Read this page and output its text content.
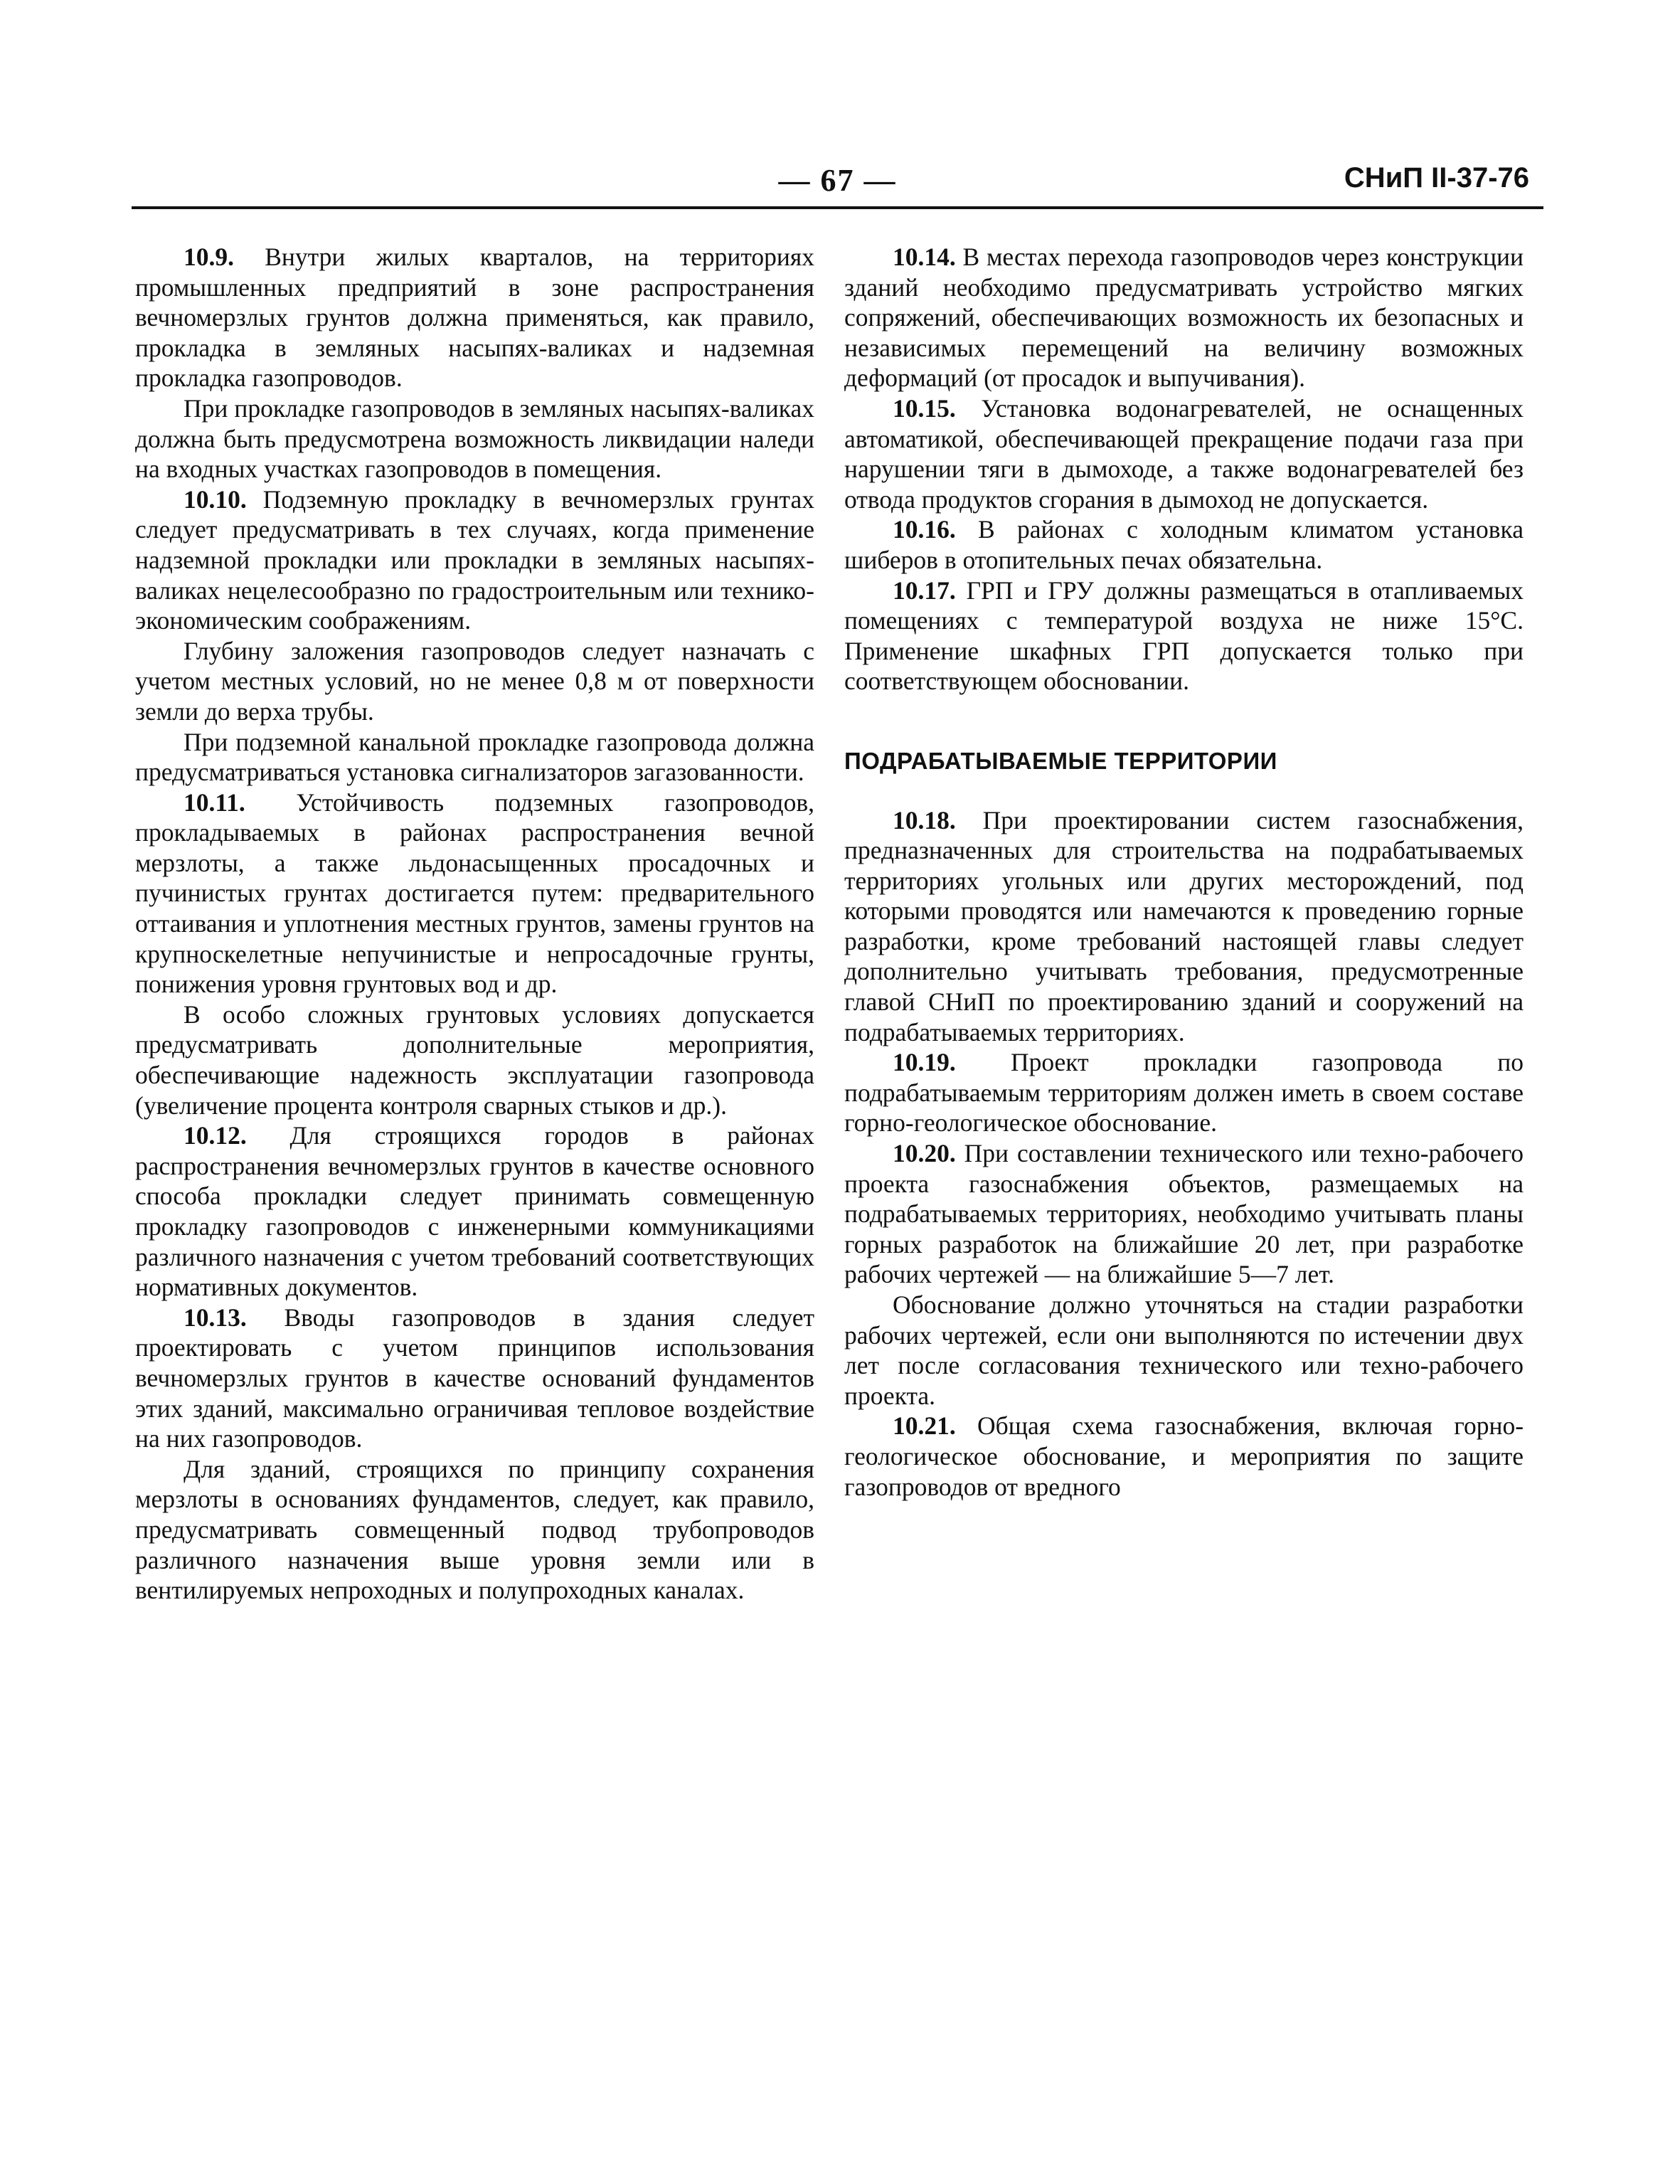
— 67 —	СНиП II-37-76

10.9. Внутри жилых кварталов, на территориях промышленных предприятий в зоне распространения вечномерзлых грунтов должна применяться, как правило, прокладка в земляных насыпях-валиках и надземная прокладка газопроводов.

При прокладке газопроводов в земляных насыпях-валиках должна быть предусмотрена возможность ликвидации наледи на входных участках газопроводов в помещения.

10.10. Подземную прокладку в вечномерзлых грунтах следует предусматривать в тех случаях, когда применение надземной прокладки или прокладки в земляных насыпях-валиках нецелесообразно по градостроительным или технико-экономическим соображениям.

Глубину заложения газопроводов следует назначать с учетом местных условий, но не менее 0,8 м от поверхности земли до верха трубы.

При подземной канальной прокладке газопровода должна предусматриваться установка сигнализаторов загазованности.

10.11. Устойчивость подземных газопроводов, прокладываемых в районах распространения вечной мерзлоты, а также льдонасыщенных просадочных и пучинистых грунтах достигается путем: предварительного оттаивания и уплотнения местных грунтов, замены грунтов на крупноскелетные непучинистые и непросадочные грунты, понижения уровня грунтовых вод и др.

В особо сложных грунтовых условиях допускается предусматривать дополнительные мероприятия, обеспечивающие надежность эксплуатации газопровода (увеличение процента контроля сварных стыков и др.).

10.12. Для строящихся городов в районах распространения вечномерзлых грунтов в качестве основного способа прокладки следует принимать совмещенную прокладку газопроводов с инженерными коммуникациями различного назначения с учетом требований соответствующих нормативных документов.

10.13. Вводы газопроводов в здания следует проектировать с учетом принципов использования вечномерзлых грунтов в качестве оснований фундаментов этих зданий, максимально ограничивая тепловое воздействие на них газопроводов.

Для зданий, строящихся по принципу сохранения мерзлоты в основаниях фундаментов, следует, как правило, предусматривать совмещенный подвод трубопроводов различного назначения выше уровня земли или в вентилируемых непроходных и полупроходных каналах.

10.14. В местах перехода газопроводов через конструкции зданий необходимо предусматривать устройство мягких сопряжений, обеспечивающих возможность их безопасных и независимых перемещений на величину возможных деформаций (от просадок и выпучивания).

10.15. Установка водонагревателей, не оснащенных автоматикой, обеспечивающей прекращение подачи газа при нарушении тяги в дымоходе, а также водонагревателей без отвода продуктов сгорания в дымоход не допускается.

10.16. В районах с холодным климатом установка шиберов в отопительных печах обязательна.

10.17. ГРП и ГРУ должны размещаться в отапливаемых помещениях с температурой воздуха не ниже 15°С. Применение шкафных ГРП допускается только при соответствующем обосновании.

ПОДРАБАТЫВАЕМЫЕ ТЕРРИТОРИИ

10.18. При проектировании систем газоснабжения, предназначенных для строительства на подрабатываемых территориях угольных или других месторождений, под которыми проводятся или намечаются к проведению горные разработки, кроме требований настоящей главы следует дополнительно учитывать требования, предусмотренные главой СНиП по проектированию зданий и сооружений на подрабатываемых территориях.

10.19. Проект прокладки газопровода по подрабатываемым территориям должен иметь в своем составе горно-геологическое обоснование.

10.20. При составлении технического или техно-рабочего проекта газоснабжения объектов, размещаемых на подрабатываемых территориях, необходимо учитывать планы горных разработок на ближайшие 20 лет, при разработке рабочих чертежей — на ближайшие 5—7 лет.

Обоснование должно уточняться на стадии разработки рабочих чертежей, если они выполняются по истечении двух лет после согласования технического или техно-рабочего проекта.

10.21. Общая схема газоснабжения, включая горно-геологическое обоснование, и мероприятия по защите газопроводов от вредного
